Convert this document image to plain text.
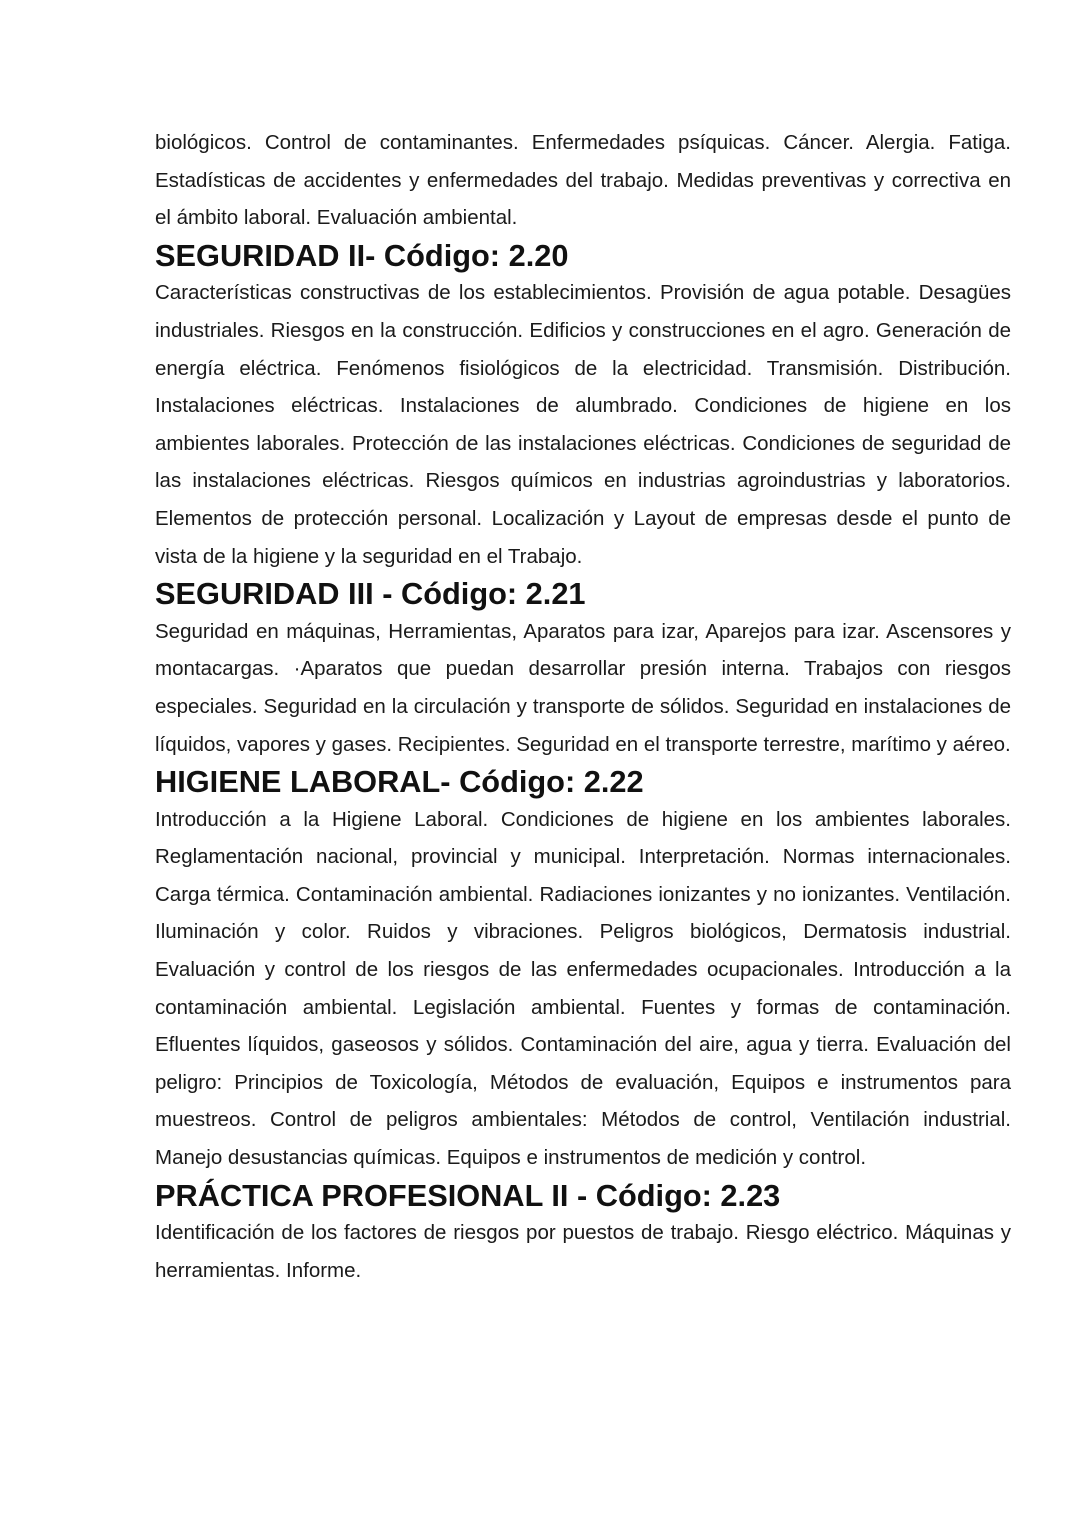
biológicos. Control de contaminantes. Enfermedades psíquicas. Cáncer. Alergia. Fatiga. Estadísticas de accidentes y enfermedades del trabajo. Medidas preventivas y correctiva en el ámbito laboral. Evaluación ambiental.

SEGURIDAD II- Código: 2.20

Características constructivas de los establecimientos. Provisión de agua potable. Desagües industriales. Riesgos en la construcción. Edificios y construcciones en el agro. Generación de energía eléctrica. Fenómenos fisiológicos de la electricidad. Transmisión. Distribución. Instalaciones eléctricas. Instalaciones de alumbrado. Condiciones de higiene en los ambientes laborales. Protección de las instalaciones eléctricas. Condiciones de seguridad de las instalaciones eléctricas. Riesgos químicos en industrias agroindustrias y laboratorios. Elementos de protección personal. Localización y Layout de empresas desde el punto de vista de la higiene y la seguridad en el Trabajo.

SEGURIDAD III - Código: 2.21

Seguridad en máquinas, Herramientas, Aparatos para izar, Aparejos para izar. Ascensores y montacargas. ·Aparatos que puedan desarrollar presión interna. Trabajos con riesgos especiales. Seguridad en la circulación y transporte de sólidos. Seguridad en instalaciones de líquidos, vapores y gases. Recipientes. Seguridad en el transporte terrestre, marítimo y aéreo.

HIGIENE LABORAL- Código: 2.22

Introducción a la Higiene Laboral. Condiciones de higiene en los ambientes laborales. Reglamentación nacional, provincial y municipal. Interpretación. Normas internacionales. Carga térmica. Contaminación ambiental. Radiaciones ionizantes y no ionizantes. Ventilación. Iluminación y color. Ruidos y vibraciones. Peligros biológicos, Dermatosis industrial. Evaluación y control de los riesgos de las enfermedades ocupacionales. Introducción a la contaminación ambiental. Legislación ambiental. Fuentes y formas de contaminación. Efluentes líquidos, gaseosos y sólidos. Contaminación del aire, agua y tierra. Evaluación del peligro: Principios de Toxicología, Métodos de evaluación, Equipos e instrumentos para muestreos. Control de peligros ambientales: Métodos de control, Ventilación industrial. Manejo desustancias químicas. Equipos e instrumentos de medición y control.

PRÁCTICA PROFESIONAL II - Código: 2.23

Identificación de los factores de riesgos por puestos de trabajo. Riesgo eléctrico. Máquinas y herramientas. Informe.
